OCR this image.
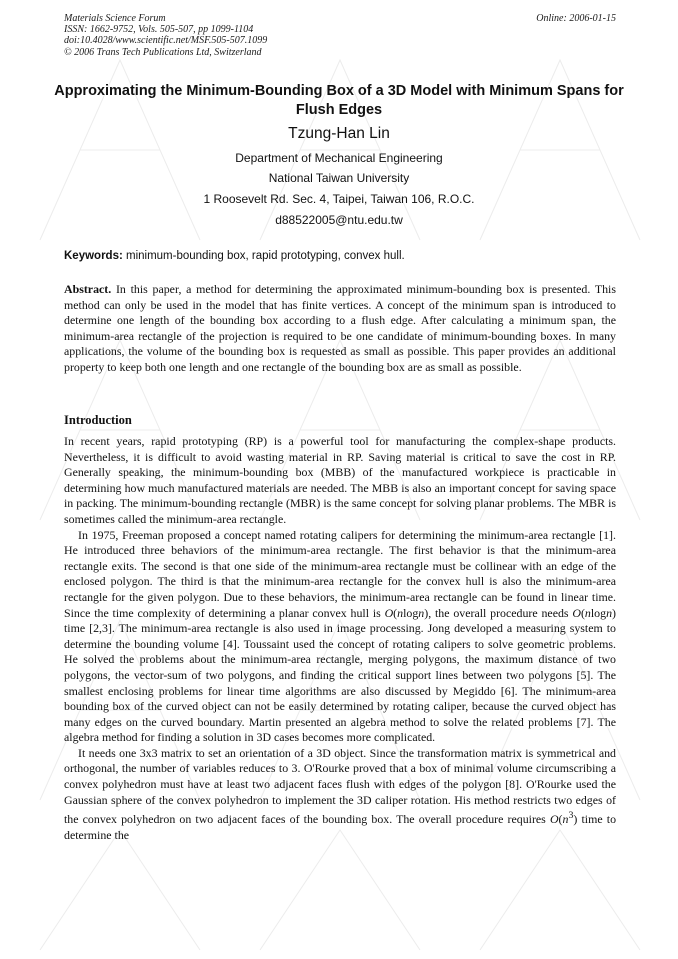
Materials Science Forum
ISSN: 1662-9752, Vols. 505-507, pp 1099-1104
doi:10.4028/www.scientific.net/MSF.505-507.1099
© 2006 Trans Tech Publications Ltd, Switzerland
Online: 2006-01-15
Approximating the Minimum-Bounding Box of a 3D Model with Minimum Spans for Flush Edges
Tzung-Han Lin
Department of Mechanical Engineering
National Taiwan University
1 Roosevelt Rd. Sec. 4, Taipei, Taiwan 106, R.O.C.
d88522005@ntu.edu.tw
Keywords: minimum-bounding box, rapid prototyping, convex hull.

Abstract. In this paper, a method for determining the approximated minimum-bounding box is presented. This method can only be used in the model that has finite vertices. A concept of the minimum span is introduced to determine one length of the bounding box according to a flush edge. After calculating a minimum span, the minimum-area rectangle of the projection is required to be one candidate of minimum-bounding boxes. In many applications, the volume of the bounding box is requested as small as possible. This paper provides an additional property to keep both one length and one rectangle of the bounding box are as small as possible.

Introduction

In recent years, rapid prototyping (RP) is a powerful tool for manufacturing the complex-shape products. Nevertheless, it is difficult to avoid wasting material in RP. Saving material is critical to save the cost in RP. Generally speaking, the minimum-bounding box (MBB) of the manufactured workpiece is practicable in determining how much manufactured materials are needed. The MBB is also an important concept for saving space in packing. The minimum-bounding rectangle (MBR) is the same concept for solving planar problems. The MBR is sometimes called the minimum-area rectangle.

In 1975, Freeman proposed a concept named rotating calipers for determining the minimum-area rectangle [1]. He introduced three behaviors of the minimum-area rectangle. The first behavior is that the minimum-area rectangle exits. The second is that one side of the minimum-area rectangle must be collinear with an edge of the enclosed polygon. The third is that the minimum-area rectangle for the convex hull is also the minimum-area rectangle for the given polygon. Due to these behaviors, the minimum-area rectangle can be found in linear time. Since the time complexity of determining a planar convex hull is O(nlogn), the overall procedure needs O(nlogn) time [2,3]. The minimum-area rectangle is also used in image processing. Jong developed a measuring system to determine the bounding volume [4]. Toussaint used the concept of rotating calipers to solve geometric problems. He solved the problems about the minimum-area rectangle, merging polygons, the maximum distance of two polygons, the vector-sum of two polygons, and finding the critical support lines between two polygons [5]. The smallest enclosing problems for linear time algorithms are also discussed by Megiddo [6]. The minimum-area bounding box of the curved object can not be easily determined by rotating caliper, because the curved object has many edges on the curved boundary. Martin presented an algebra method to solve the related problems [7]. The algebra method for finding a solution in 3D cases becomes more complicated.

It needs one 3x3 matrix to set an orientation of a 3D object. Since the transformation matrix is symmetrical and orthogonal, the number of variables reduces to 3. O'Rourke proved that a box of minimal volume circumscribing a convex polyhedron must have at least two adjacent faces flush with edges of the polygon [8]. O'Rourke used the Gaussian sphere of the convex polyhedron to implement the 3D caliper rotation. His method restricts two edges of the convex polyhedron on two adjacent faces of the bounding box. The overall procedure requires $O(n^3)$ time to determine the
